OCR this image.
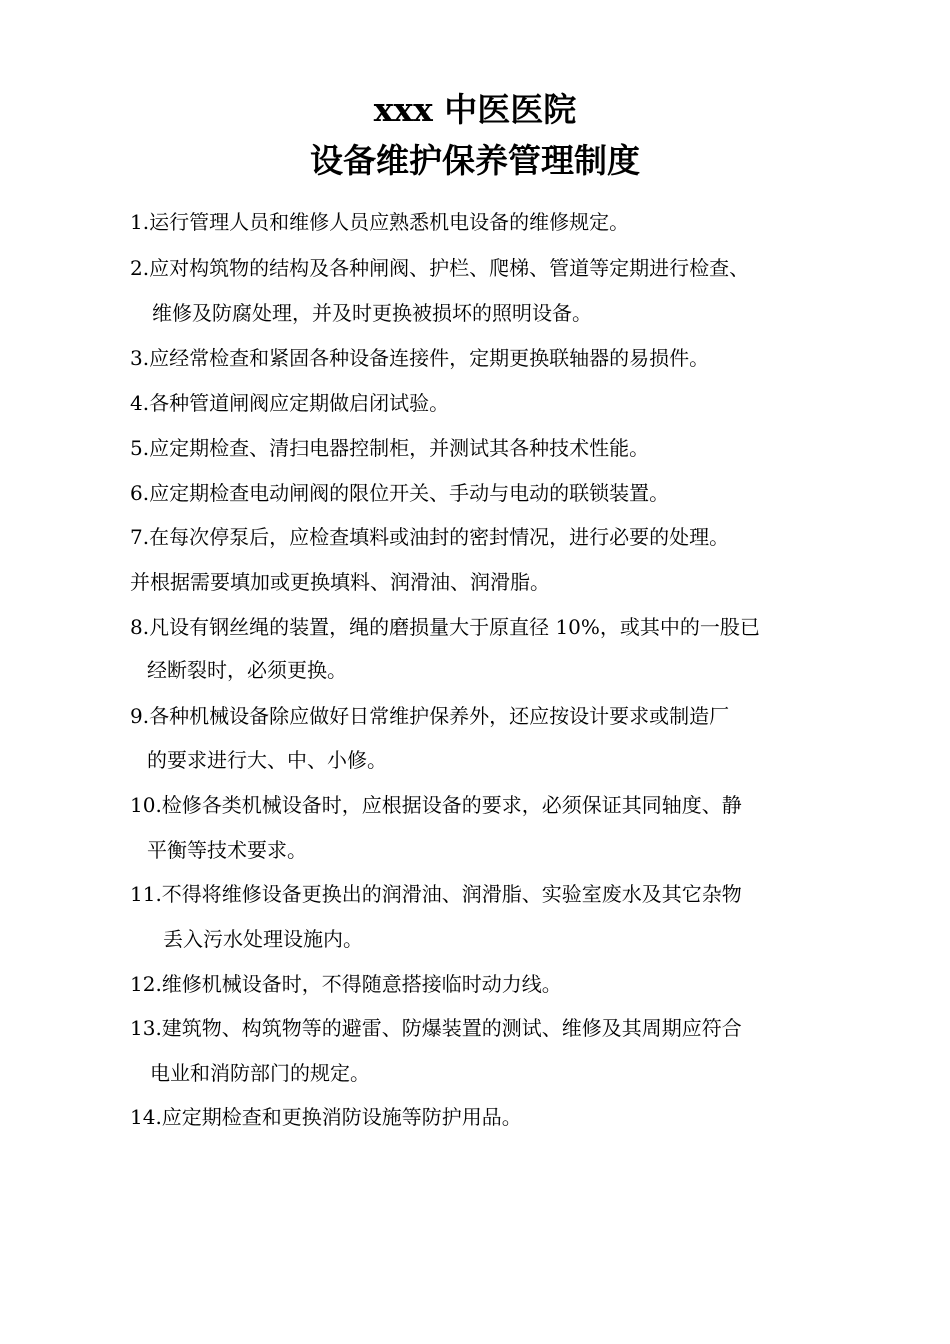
xxx 中医医院
设备维护保养管理制度
1.运行管理人员和维修人员应熟悉机电设备的维修规定。
2.应对构筑物的结构及各种闸阀、护栏、爬梯、管道等定期进行检查、
维修及防腐处理，并及时更换被损坏的照明设备。
3.应经常检查和紧固各种设备连接件，定期更换联轴器的易损件。
4.各种管道闸阀应定期做启闭试验。
5.应定期检查、清扫电器控制柜，并测试其各种技术性能。
6.应定期检查电动闸阀的限位开关、手动与电动的联锁装置。
7.在每次停泵后，应检查填料或油封的密封情况，进行必要的处理。
并根据需要填加或更换填料、润滑油、润滑脂。
8.凡设有钢丝绳的装置，绳的磨损量大于原直径 10%，或其中的一股已
经断裂时，必须更换。
9.各种机械设备除应做好日常维护保养外，还应按设计要求或制造厂
的要求进行大、中、小修。
10.检修各类机械设备时，应根据设备的要求，必须保证其同轴度、静
平衡等技术要求。
11.不得将维修设备更换出的润滑油、润滑脂、实验室废水及其它杂物
丢入污水处理设施内。
12.维修机械设备时，不得随意搭接临时动力线。
13.建筑物、构筑物等的避雷、防爆装置的测试、维修及其周期应符合
电业和消防部门的规定。
14.应定期检查和更换消防设施等防护用品。
